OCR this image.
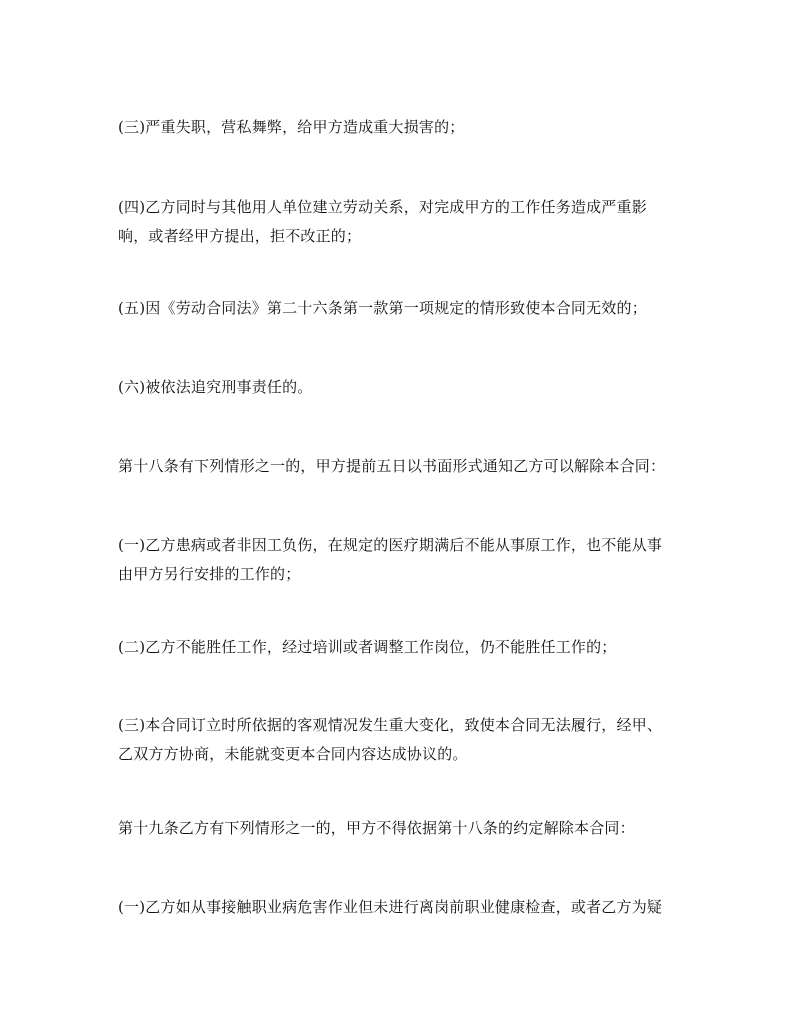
(三)严重失职，营私舞弊，给甲方造成重大损害的；

(四)乙方同时与其他用人单位建立劳动关系，对完成甲方的工作任务造成严重影
响，或者经甲方提出，拒不改正的；

(五)因《劳动合同法》第二十六条第一款第一项规定的情形致使本合同无效的；

(六)被依法追究刑事责任的。

第十八条有下列情形之一的，甲方提前五日以书面形式通知乙方可以解除本合同：

(一)乙方患病或者非因工负伤，在规定的医疗期满后不能从事原工作，也不能从事
由甲方另行安排的工作的；

(二)乙方不能胜任工作，经过培训或者调整工作岗位，仍不能胜任工作的；

(三)本合同订立时所依据的客观情况发生重大变化，致使本合同无法履行，经甲、
乙双方方协商，未能就变更本合同内容达成协议的。

第十九条乙方有下列情形之一的，甲方不得依据第十八条的约定解除本合同：

(一)乙方如从事接触职业病危害作业但未进行离岗前职业健康检查，或者乙方为疑
